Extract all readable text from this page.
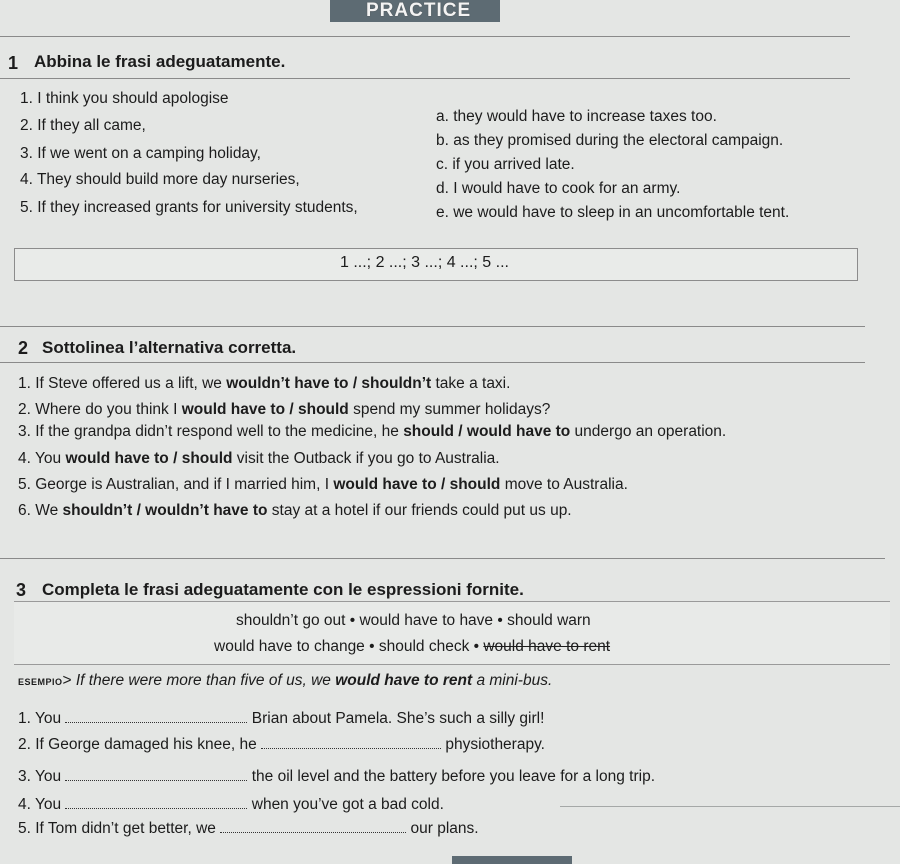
PRACTICE
1 Abbina le frasi adeguatamente.
1. I think you should apologise
2. If they all came,
3. If we went on a camping holiday,
4. They should build more day nurseries,
5. If they increased grants for university students,
a. they would have to increase taxes too.
b. as they promised during the electoral campaign.
c. if you arrived late.
d. I would have to cook for an army.
e. we would have to sleep in an uncomfortable tent.
1 ...; 2 ...; 3 ...; 4 ...; 5 ...
2 Sottolinea l’alternativa corretta.
1. If Steve offered us a lift, we wouldn’t have to / shouldn’t take a taxi.
2. Where do you think I would have to / should spend my summer holidays?
3. If the grandpa didn’t respond well to the medicine, he should / would have to undergo an operation.
4. You would have to / should visit the Outback if you go to Australia.
5. George is Australian, and if I married him, I would have to / should move to Australia.
6. We shouldn’t / wouldn’t have to stay at a hotel if our friends could put us up.
3 Completa le frasi adeguatamente con le espressioni fornite.
shouldn’t go out • would have to have • should warn
would have to change • should check • would have to rent
ESEMPIO> If there were more than five of us, we would have to rent a mini-bus.
1. You	Brian about Pamela. She’s such a silly girl!
2. If George damaged his knee, he	physiotherapy.
3. You	the oil level and the battery before you leave for a long trip.
4. You	when you’ve got a bad cold.
5. If Tom didn’t get better, we	our plans.
